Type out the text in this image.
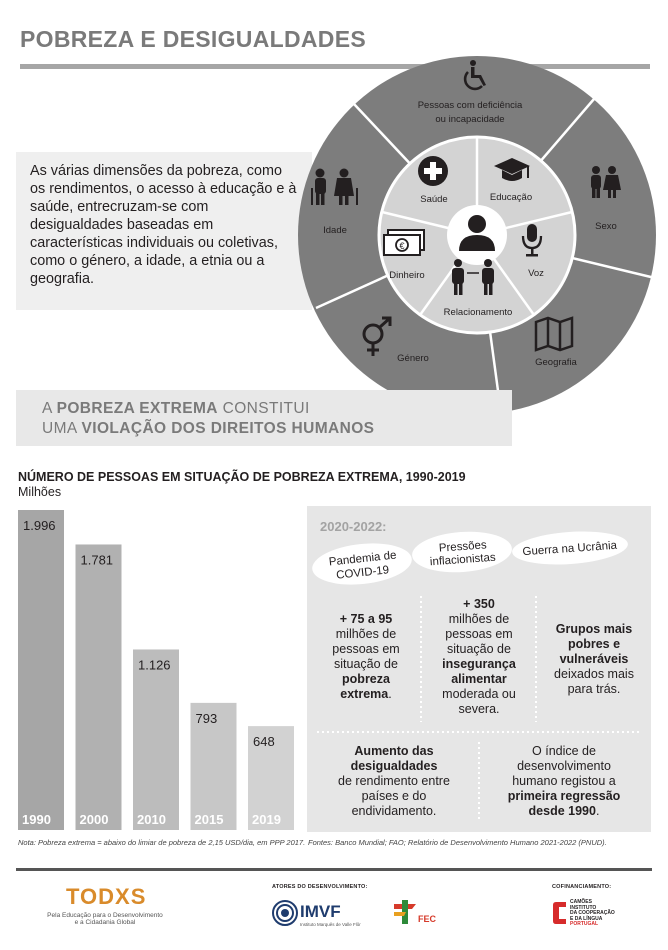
POBREZA E DESIGUALDADES
As várias dimensões da pobreza, como os rendimentos, o acesso à educação e à saúde, entrecruzam-se com desigualdades baseadas em características individuais ou coletivas, como o género, a idade, a etnia ou a geografia.
€
Pessoas com deficiência
ou incapacidade
Sexo
Geografia
Género
Idade
Saúde	Educação
Voz
Relacionamento
Dinheiro
A POBREZA EXTREMA CONSTITUI
UMA VIOLAÇÃO DOS DIREITOS HUMANOS
NÚMERO DE PESSOAS EM SITUAÇÃO DE POBREZA EXTREMA, 1990-2019
Milhões
1.996
1990
1.781
2000
1.126
2010
793
2015
648
2019
Nota: Pobreza extrema = abaixo do limiar de pobreza de 2,15 USD/dia, em PPP 2017. Fontes: Banco Mundial; FAO; Relatório de Desenvolvimento Humano 2021-2022 (PNUD).
2020-2022:
Pandemia de
COVID-19
Pressões
inflacionistas
Guerra na Ucrânia
+ 75 a 95
milhões de
pessoas em
situação de
pobreza
extrema.
+ 350
milhões de
pessoas em
situação de
insegurança
alimentar
moderada ou
severa.
Grupos mais
pobres e
vulneráveis
deixados mais
para trás.
Aumento das
desigualdades
de rendimento entre
países e do
endividamento.
O índice de
desenvolvimento
humano registou a
primeira regressão
desde 1990.
TODXS
Pela Educação para o Desenvolvimento
e a Cidadania Global
ATORES DO DESENVOLVIMENTO:
IMVF
Instituto Marquês de Valle Flôr
FEC
COFINANCIAMENTO:
CAMÕES
INSTITUTO
DA COOPERAÇÃO
E DA LÍNGUA
PORTUGAL
